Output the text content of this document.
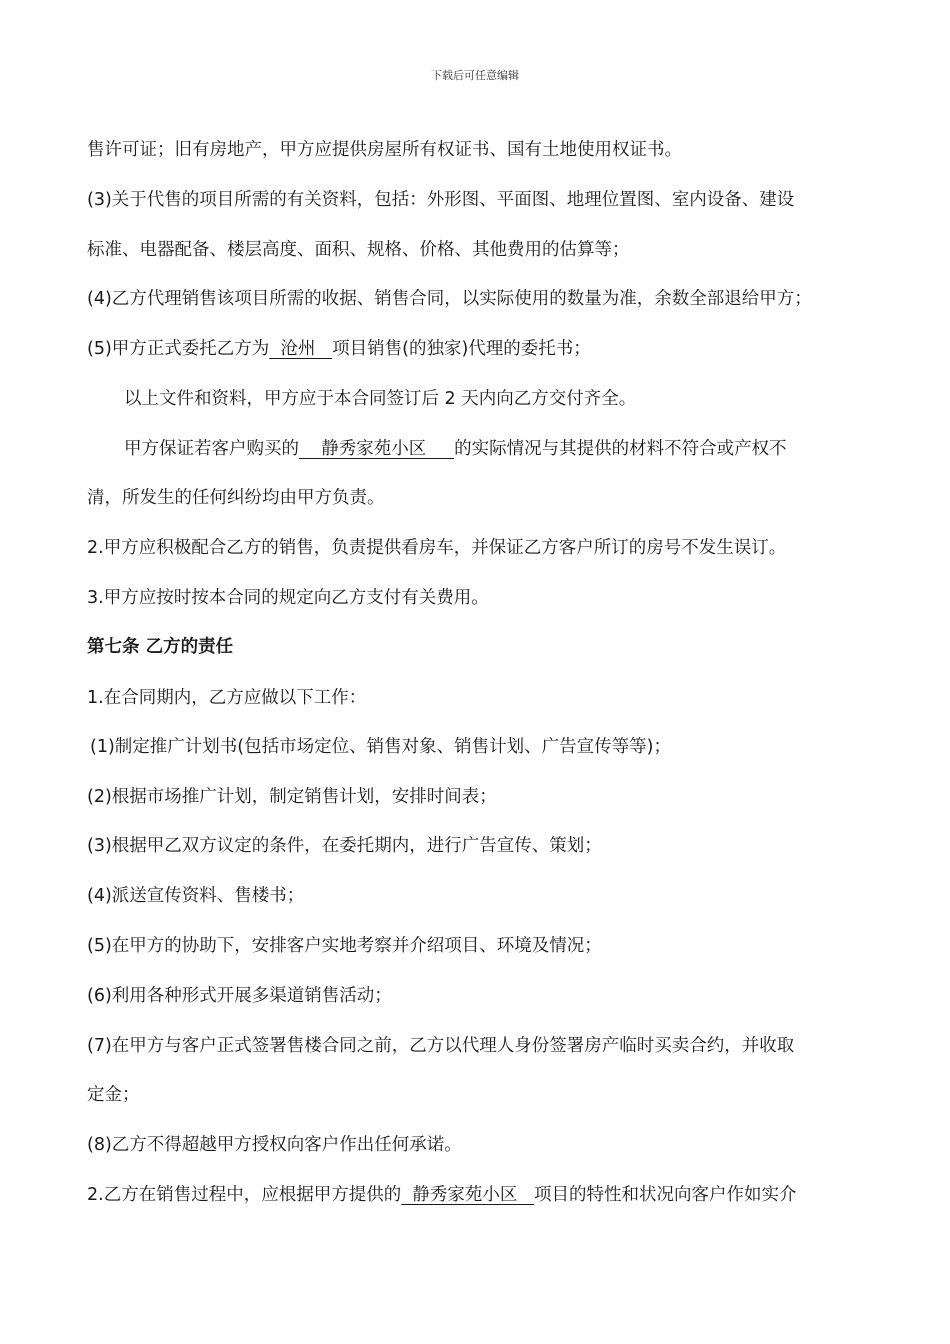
下载后可任意编辑
售许可证；旧有房地产，甲方应提供房屋所有权证书、国有土地使用权证书。
(3)关于代售的项目所需的有关资料，包括：外形图、平面图、地理位置图、室内设备、建设
标准、电器配备、楼层高度、面积、规格、价格、其他费用的估算等；
(4)乙方代理销售该项目所需的收据、销售合同，以实际使用的数量为准，余数全部退给甲方；
(5)甲方正式委托乙方为  沧州   项目销售(的独家)代理的委托书；
以上文件和资料，甲方应于本合同签订后 2 天内向乙方交付齐全。
甲方保证若客户购买的    静秀家苑小区     的实际情况与其提供的材料不符合或产权不
清，所发生的任何纠纷均由甲方负责。
2.甲方应积极配合乙方的销售，负责提供看房车，并保证乙方客户所订的房号不发生误订。
3.甲方应按时按本合同的规定向乙方支付有关费用。
第七条 乙方的责任
1.在合同期内，乙方应做以下工作：
(1)制定推广计划书(包括市场定位、销售对象、销售计划、广告宣传等等)；
(2)根据市场推广计划，制定销售计划，安排时间表；
(3)根据甲乙双方议定的条件，在委托期内，进行广告宣传、策划；
(4)派送宣传资料、售楼书；
(5)在甲方的协助下，安排客户实地考察并介绍项目、环境及情况；
(6)利用各种形式开展多渠道销售活动；
(7)在甲方与客户正式签署售楼合同之前，乙方以代理人身份签署房产临时买卖合约，并收取
定金；
(8)乙方不得超越甲方授权向客户作出任何承诺。
2.乙方在销售过程中，应根据甲方提供的  静秀家苑小区   项目的特性和状况向客户作如实介
